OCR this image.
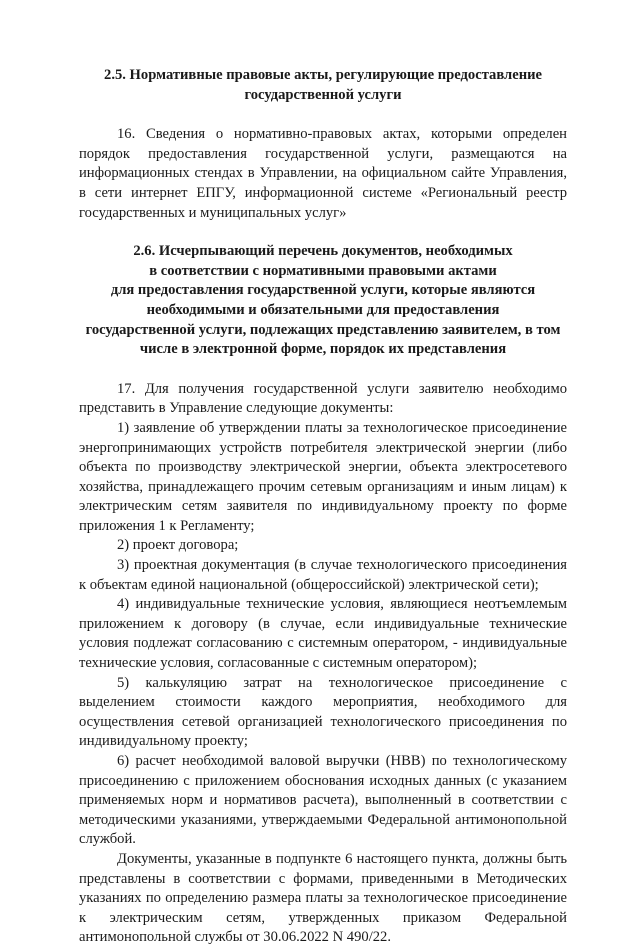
2.5. Нормативные правовые акты, регулирующие предоставление
государственной услуги

16. Сведения о нормативно-правовых актах, которыми определен порядок предоставления государственной услуги, размещаются на информационных стендах в Управлении, на официальном сайте Управления, в сети интернет ЕПГУ, информационной системе «Региональный реестр государственных и муниципальных услуг»

2.6. Исчерпывающий перечень документов, необходимых
в соответствии с нормативными правовыми актами
для предоставления государственной услуги, которые являются
необходимыми и обязательными для предоставления
государственной услуги, подлежащих представлению заявителем, в том
числе в электронной форме, порядок их представления

17. Для получения государственной услуги заявителю необходимо представить в Управление следующие документы:

1) заявление об утверждении платы за технологическое присоединение энергопринимающих устройств потребителя электрической энергии (либо объекта по производству электрической энергии, объекта электросетевого хозяйства, принадлежащего прочим сетевым организациям и иным лицам) к электрическим сетям заявителя по индивидуальному проекту по форме приложения 1 к Регламенту;

2) проект договора;

3) проектная документация (в случае технологического присоединения к объектам единой национальной (общероссийской) электрической сети);

4) индивидуальные технические условия, являющиеся неотъемлемым приложением к договору (в случае, если индивидуальные технические условия подлежат согласованию с системным оператором, - индивидуальные технические условия, согласованные с системным оператором);

5) калькуляцию затрат на технологическое присоединение с выделением стоимости каждого мероприятия, необходимого для осуществления сетевой организацией технологического присоединения по индивидуальному проекту;

6) расчет необходимой валовой выручки (НВВ) по технологическому присоединению с приложением обоснования исходных данных (с указанием применяемых норм и нормативов расчета), выполненный в соответствии с методическими указаниями, утверждаемыми Федеральной антимонопольной службой.

Документы, указанные в подпункте 6 настоящего пункта, должны быть представлены в соответствии с формами, приведенными в Методических указаниях по определению размера платы за технологическое присоединение к электрическим сетям, утвержденных приказом Федеральной антимонопольной службы от 30.06.2022 N 490/22.
